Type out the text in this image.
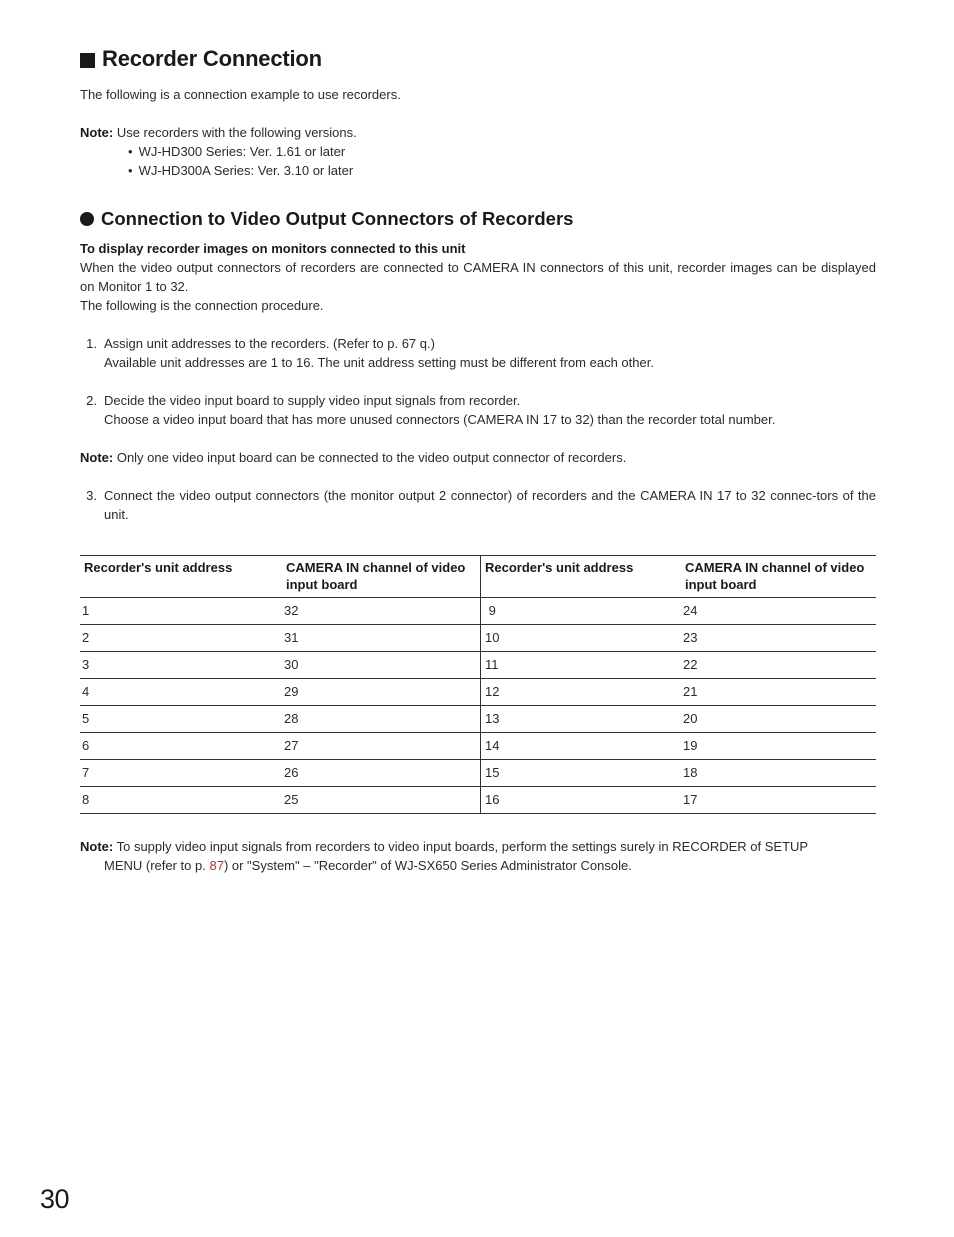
Recorder Connection

The following is a connection example to use recorders.

Note: Use recorders with the following versions.

• WJ-HD300 Series: Ver. 1.61 or later
• WJ-HD300A Series: Ver. 3.10 or later
Connection to Video Output Connectors of Recorders

To display recorder images on monitors connected to this unit

When the video output connectors of recorders are connected to CAMERA IN connectors of this unit, recorder images can be displayed on Monitor 1 to 32.

The following is the connection procedure.

1. Assign unit addresses to the recorders. (Refer to p. 67 q.)
Available unit addresses are 1 to 16. The unit address setting must be different from each other.
2. Decide the video input board to supply video input signals from recorder.
Choose a video input board that has more unused connectors (CAMERA IN 17 to 32) than the recorder total number.

Note: Only one video input board can be connected to the video output connector of recorders.

3. Connect the video output connectors (the monitor output 2 connector) of recorders and the CAMERA IN 17 to 32 connec-tors of the unit.
Recorder's unit address	CAMERA IN channel of video input board	Recorder's unit address	CAMERA IN channel of video input board
1	32	9	24
2	31	10	23
3	30	11	22
4	29	12	21
5	28	13	20
6	27	14	19
7	26	15	18
8	25	16	17

Note: To supply video input signals from recorders to video input boards, perform the settings surely in RECORDER of SETUP

MENU (refer to p. 87) or "System" – "Recorder" of WJ-SX650 Series Administrator Console.

30
